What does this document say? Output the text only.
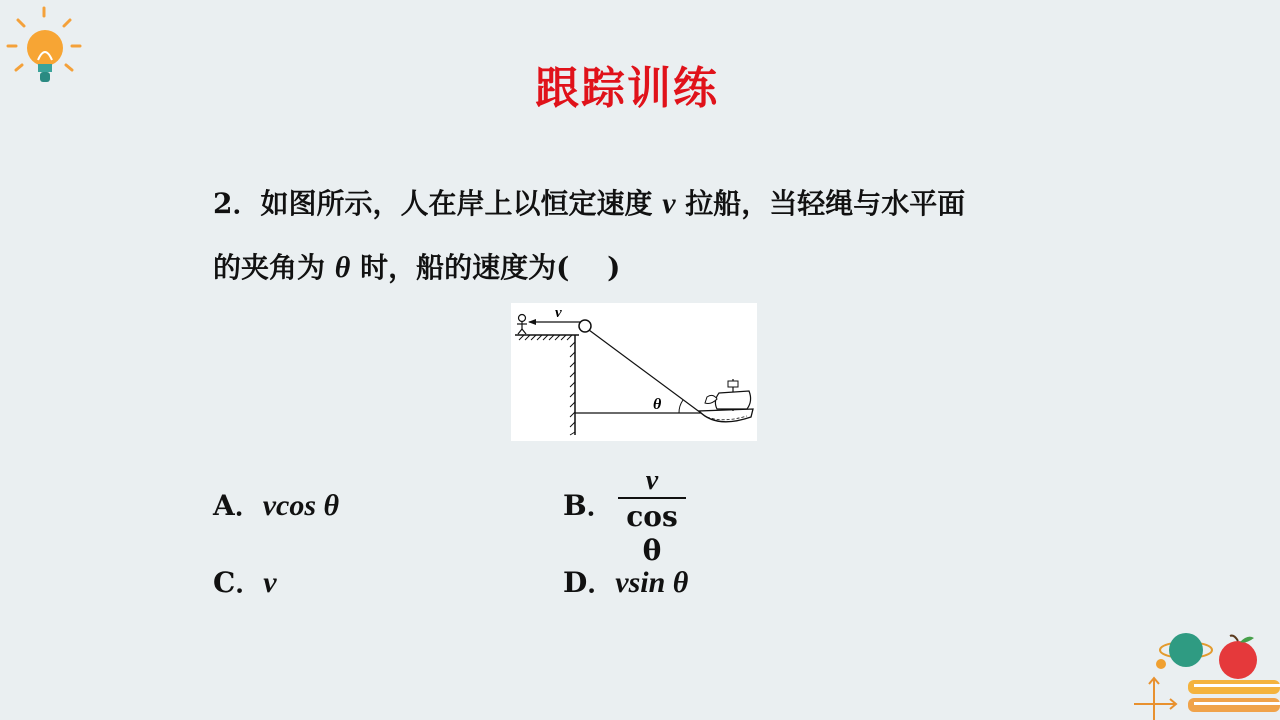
跟踪训练
2．如图所示，人在岸上以恒定速度 v 拉船，当轻绳与水平面
的夹角为 θ 时，船的速度为(　 )
v
θ
A．vcos θ	B．
v
cos θ
C．v	D．vsin θ
